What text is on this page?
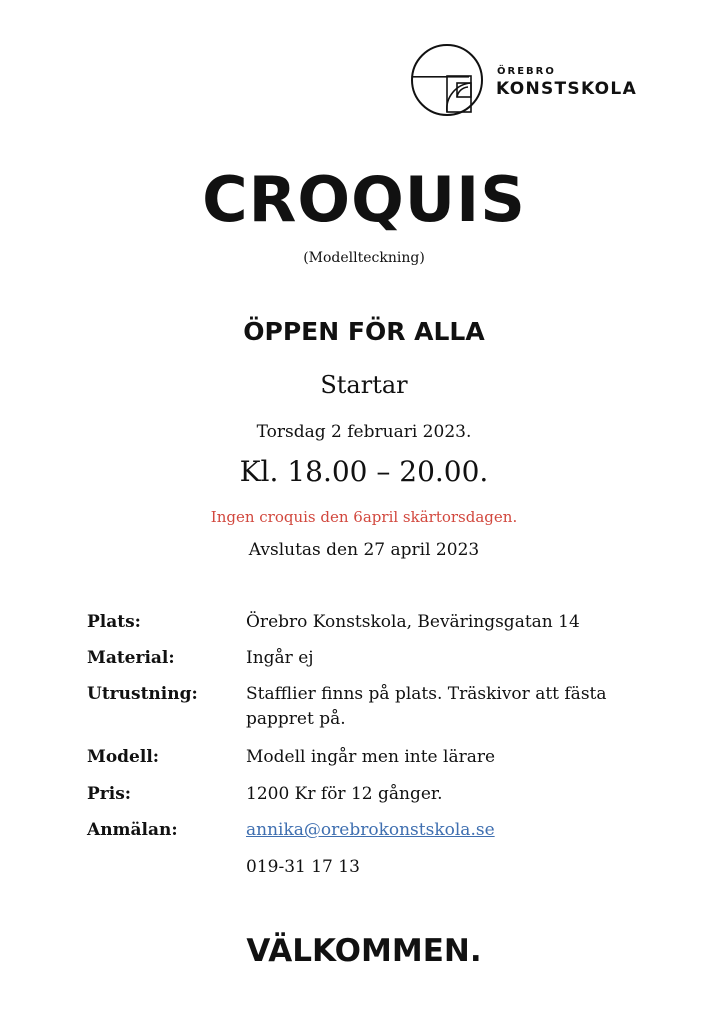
ÖREBRO
KONSTSKOLA
CROQUIS
(Modellteckning)
ÖPPEN FÖR ALLA
Startar
Torsdag 2 februari 2023.
Kl. 18.00 – 20.00.
Ingen croquis den 6april skärtorsdagen.
Avslutas den 27 april 2023
Plats:	Örebro Konstskola, Beväringsgatan 14
Material:	Ingår ej
Utrustning:	Stafflier finns på plats. Träskivor att fästa pappret på.
Modell:	Modell ingår men inte lärare
Pris:	1200 Kr för 12 gånger.
Anmälan:	annika@orebrokonstskola.se
019-31 17 13
VÄLKOMMEN.
